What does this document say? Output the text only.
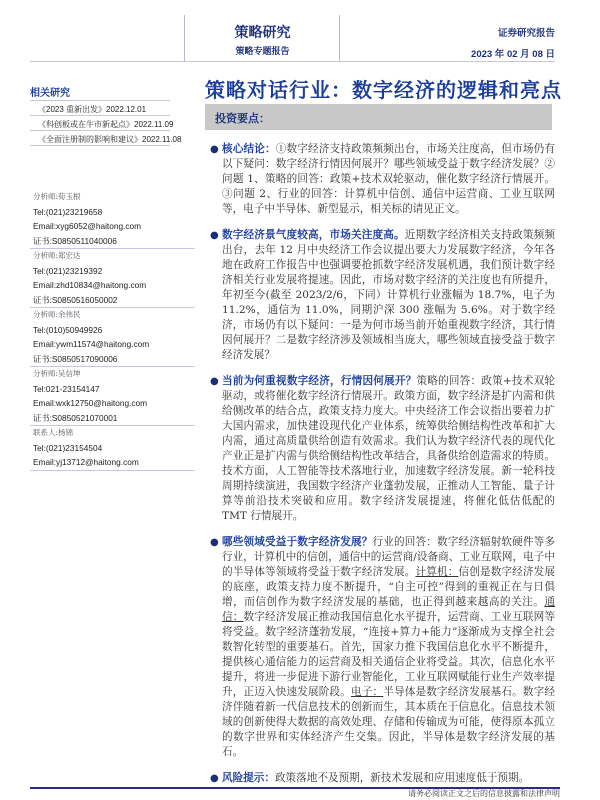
策略研究
策略专题报告
证券研究报告
2023 年 02 月 08 日
策略对话行业：数字经济的逻辑和亮点
投资要点：
相关研究
《2023 重新出发》2022.12.01
《科创板或在牛市新起点》2022.11.09
《全面注册制的影响和建议》2022.11.08
分析师:荀玉根
Tel:(021)23219658
Email:xyg6052@haitong.com
证书:S0850511040006
分析师:郑宏达
Tel:(021)23219392
Email:zhd10834@haitong.com
证书:S0850516050002
分析师:余伟民
Tel:(010)50949926
Email:ywm11574@haitong.com
证书:S0850517090006
分析师:吴信坤
Tel:021-23154147
Email:wxk12750@haitong.com
证书:S0850521070001
联系人:杨锦
Tel:(021)23154504
Email:yj13712@haitong.com
● 核心结论：①数字经济支持政策频频出台，市场关注度高，但市场仍有以下疑问：数字经济行情因何展开？哪些领域受益于数字经济发展？②问题 1、策略的回答：政策+技术双轮驱动，催化数字经济行情展开。③问题 2、行业的回答：计算机中信创、通信中运营商、工业互联网等，电子中半导体、新型显示，相关标的请见正文。
● 数字经济景气度较高，市场关注度高。近期数字经济相关支持政策频频出台，去年 12 月中央经济工作会议提出要大力发展数字经济，今年各地在政府工作报告中也强调要抢抓数字经济发展机遇，我们预计数字经济相关行业发展将提速。因此，市场对数字经济的关注度也有所提升，年初至今(截至 2023/2/6，下同）计算机行业涨幅为 18.7%，电子为 11.2%，通信为 11.0%，同期沪深 300 涨幅为 5.6%。对于数字经济，市场仍有以下疑问：一是为何市场当前开始重视数字经济，其行情因何展开？二是数字经济涉及领域相当庞大，哪些领域直接受益于数字经济发展？
● 当前为何重视数字经济，行情因何展开？策略的回答：政策+技术双轮驱动，或将催化数字经济行情展开。政策方面，数字经济是扩内需和供给侧改革的结合点，政策支持力度大。中央经济工作会议指出要着力扩大国内需求，加快建设现代化产业体系，统筹供给侧结构性改革和扩大内需，通过高质量供给创造有效需求。我们认为数字经济代表的现代化产业正是扩内需与供给侧结构性改革结合，具备供给创造需求的特质。技术方面，人工智能等技术落地行业，加速数字经济发展。新一轮科技周期持续演进，我国数字经济产业蓬勃发展，正推动人工智能、量子计算等前沿技术突破和应用。数字经济发展提速，将催化低估低配的 TMT 行情展开。
● 哪些领域受益于数字经济发展？行业的回答：数字经济辐射软硬件等多行业，计算机中的信创，通信中的运营商/设备商、工业互联网，电子中的半导体等领域将受益于数字经济发展。计算机：信创是数字经济发展的底座，政策支持力度不断提升，“自主可控”得到的重视正在与日俱增，而信创作为数字经济发展的基础，也正得到越来越高的关注。通信：数字经济发展正推动我国信息化水平提升，运营商、工业互联网等将受益。数字经济蓬勃发展，“连接+算力+能力”逐渐成为支撑全社会数智化转型的重要基石。首先，国家力推下我国信息化水平不断提升，提供核心通信能力的运营商及相关通信企业将受益。其次，信息化水平提升，将进一步促进下游行业智能化，工业互联网赋能行业生产效率提升，正迈入快速发展阶段。电子：半导体是数字经济发展基石。数字经济伴随着新一代信息技术的创新而生，其本质在于信息化。信息技术领域的创新使得大数据的高效处理、存储和传输成为可能，使得原本孤立的数字世界和实体经济产生交集。因此，半导体是数字经济发展的基石。
● 风险提示：政策落地不及预期，新技术发展和应用速度低于预期。
请务必阅读正文之后的信息披露和法律声明
